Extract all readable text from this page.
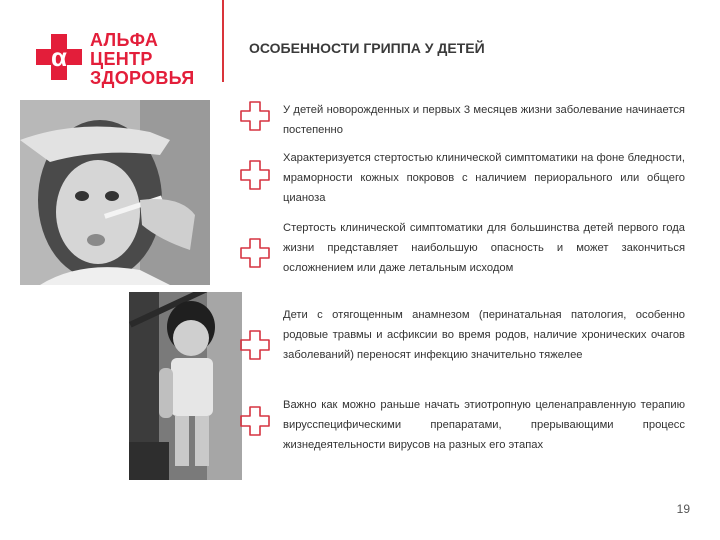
α
АЛЬФА
ЦЕНТР
ЗДОРОВЬЯ
ОСОБЕННОСТИ ГРИППА У ДЕТЕЙ
У детей новорожденных и первых 3 месяцев жизни заболевание начинается постепенно
Характеризуется стертостью клинической симптоматики на фоне бледности, мраморности кожных покровов с наличием периорального или общего цианоза
Стертость клинической симптоматики для большинства детей первого года жизни представляет наибольшую опасность и может закончиться осложнением или даже летальным исходом
Дети с отягощенным анамнезом (перинатальная патология, особенно родовые травмы и асфиксии во время родов, наличие хронических очагов заболеваний) переносят инфекцию значительно тяжелее
Важно как можно раньше начать этиотропную целенаправленную терапию вирусспецифическими препаратами, прерывающими процесс жизнедеятельности вирусов на разных его этапах
19
